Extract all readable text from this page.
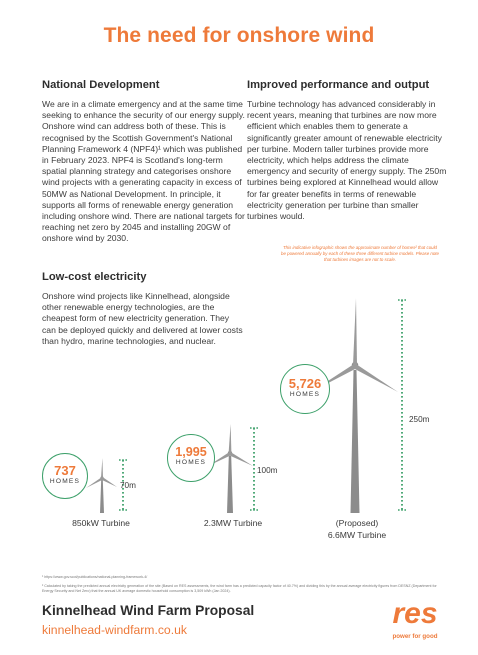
The need for onshore wind
National Development
We are in a climate emergency and at the same time seeking to enhance the security of our energy supply. Onshore wind can address both of these. This is recognised by the Scottish Government's National Planning Framework 4 (NPF4)¹ which was published in February 2023. NPF4 is Scotland's long-term spatial planning strategy and categorises onshore wind projects with a generating capacity in excess of 50MW as National Development. In principle, it supports all forms of renewable energy generation including onshore wind. There are national targets for reaching net zero by 2045 and installing 20GW of onshore wind by 2030.
Low-cost electricity
Onshore wind projects like Kinnelhead, alongside other renewable energy technologies, are the cheapest form of new electricity generation. They can be deployed quickly and delivered at lower costs than hydro, marine technologies, and nuclear.
Improved performance and output
Turbine technology has advanced considerably in recent years, meaning that turbines are now more efficient which enables them to generate a significantly greater amount of renewable electricity per turbine. Modern taller turbines provide more electricity, which helps address the climate emergency and security of energy supply. The 250m turbines being explored at Kinnelhead would allow for far greater benefits in terms of renewable electricity generation per turbine than smaller turbines would.
This indicative infographic shows the approximate number of homes² that could be powered annually by each of these three different turbine models. Please note that turbines images are not to scale.
737
HOMES
1,995
HOMES
5,726
HOMES
70m
100m
250m
850kW Turbine	2.3MW Turbine	(Proposed)
6.6MW Turbine
¹ https://www.gov.scot/publications/national-planning-framework-4/
² Calculated by taking the predicted annual electricity generation of the site (Based on RES assessments, the wind farm has a predicted capacity factor of 40.7%) and dividing this by the annual average electricity figures from DESNZ (Department for Energy Security and Net Zero) that the annual UK average domestic household consumption is 3,509 kWh (Jan 2024).
Kinnelhead Wind Farm Proposal
kinnelhead-windfarm.co.uk	res
power for good
